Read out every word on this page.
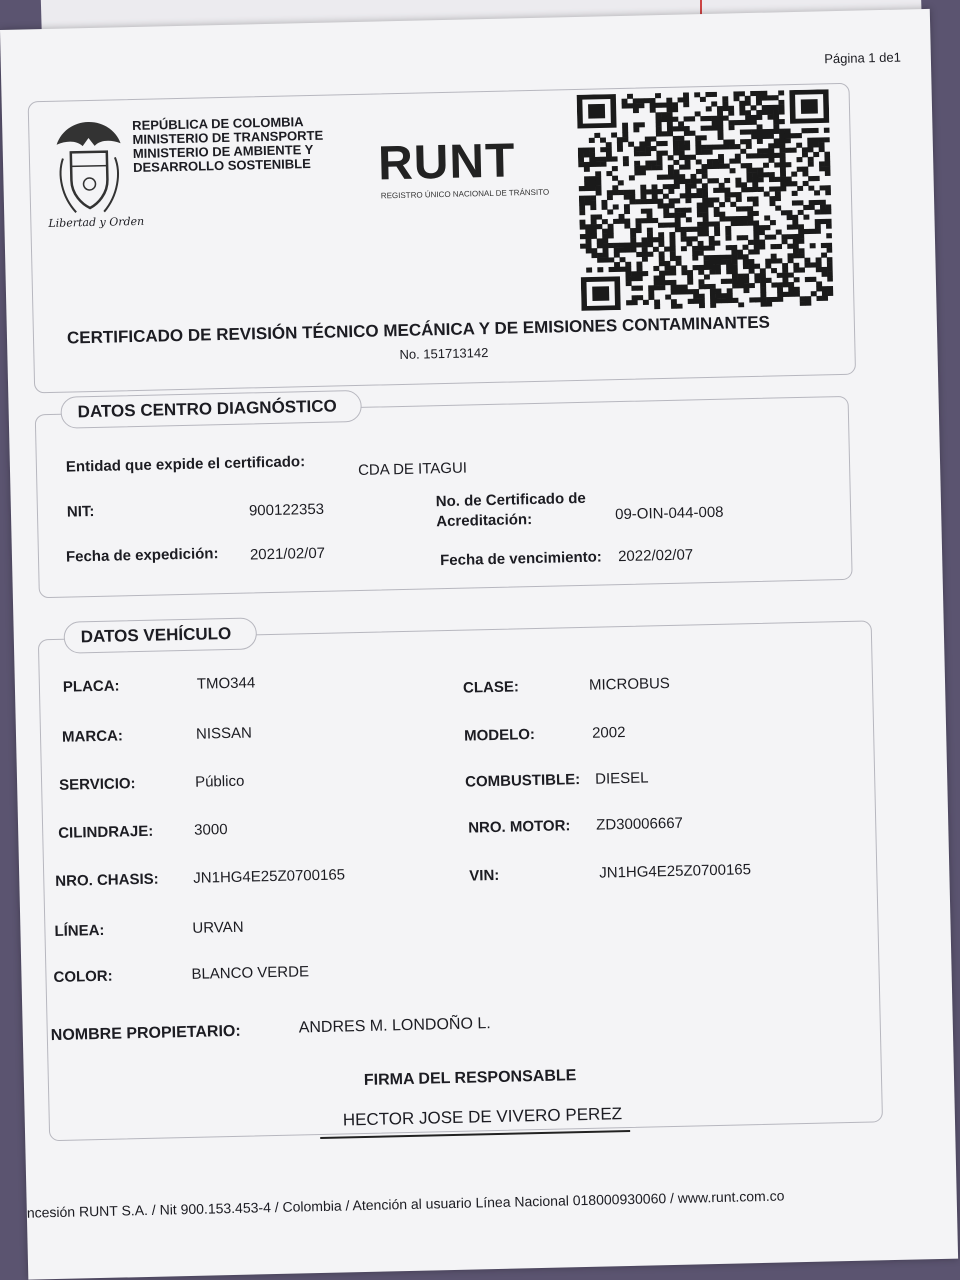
Página 1 de1
Libertad y Orden
REPÚBLICA DE COLOMBIA
MINISTERIO DE TRANSPORTE
MINISTERIO DE AMBIENTE Y
DESARROLLO SOSTENIBLE RUNT
REGISTRO ÚNICO NACIONAL DE TRÁNSITO
CERTIFICADO DE REVISIÓN TÉCNICO MECÁNICA Y DE EMISIONES CONTAMINANTES
No. 151713142
DATOS CENTRO DIAGNÓSTICO
Entidad que expide el certificado:	CDA DE ITAGUI
NIT:	900122353	No. de Certificado de Acreditación:	09-OIN-044-008
Fecha de expedición: 2021/02/07	Fecha de vencimiento: 2022/02/07
DATOS VEHÍCULO
PLACA:	TMO344	CLASE:	MICROBUS
MARCA:	NISSAN	MODELO:	2002
SERVICIO:	Público	COMBUSTIBLE: DIESEL
CILINDRAJE:	3000	NRO. MOTOR: ZD30006667
NRO. CHASIS: JN1HG4E25Z0700165	VIN:	JN1HG4E25Z0700165
LÍNEA:	URVAN
COLOR:	BLANCO VERDE
NOMBRE PROPIETARIO:	ANDRES M. LONDOÑO L.
FIRMA DEL RESPONSABLE
HECTOR JOSE DE VIVERO PEREZ
ncesión RUNT S.A. / Nit 900.153.453-4 / Colombia / Atención al usuario Línea Nacional 018000930060 / www.runt.com.co
